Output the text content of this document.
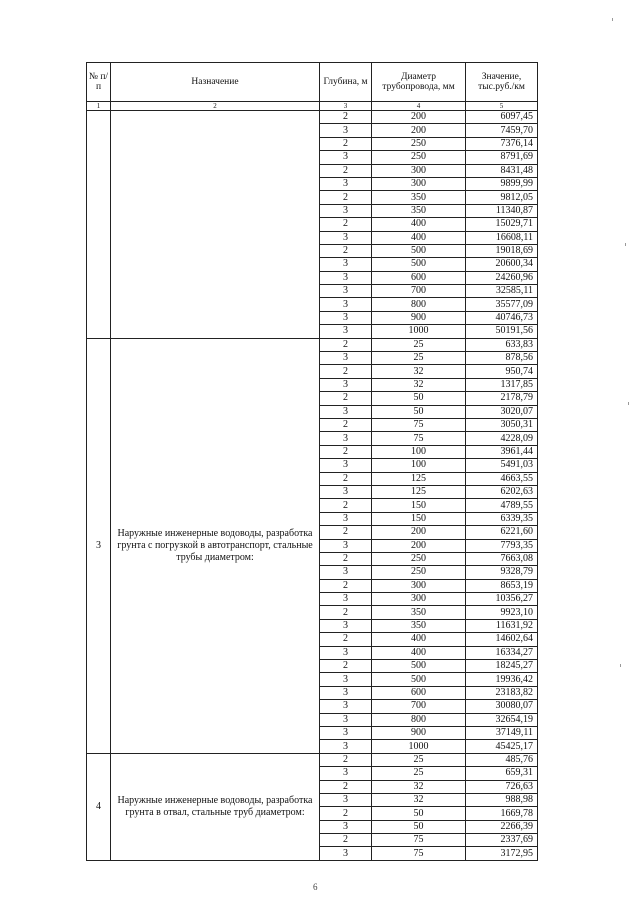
№ п/п	Назначение	Глубина, м	Диаметр трубопровода, мм	Значение, тыс.руб./км
1	2	3	4	5
		2	200	6097,45
		3	200	7459,70
		2	250	7376,14
		3	250	8791,69
		2	300	8431,48
		3	300	9899,99
		2	350	9812,05
		3	350	11340,87
		2	400	15029,71
		3	400	16608,11
		2	500	19018,69
		3	500	20600,34
		3	600	24260,96
		3	700	32585,11
		3	800	35577,09
		3	900	40746,73
		3	1000	50191,56
3	Наружные инженерные водоводы, разработка грунта с погрузкой в автотранспорт, стальные трубы диаметром:	2	25	633,83
		3	25	878,56
		2	32	950,74
		3	32	1317,85
		2	50	2178,79
		3	50	3020,07
		2	75	3050,31
		3	75	4228,09
		2	100	3961,44
		3	100	5491,03
		2	125	4663,55
		3	125	6202,63
		2	150	4789,55
		3	150	6339,35
		2	200	6221,60
		3	200	7793,35
		2	250	7663,08
		3	250	9328,79
		2	300	8653,19
		3	300	10356,27
		2	350	9923,10
		3	350	11631,92
		2	400	14602,64
		3	400	16334,27
		2	500	18245,27
		3	500	19936,42
		3	600	23183,82
		3	700	30080,07
		3	800	32654,19
		3	900	37149,11
		3	1000	45425,17
4	Наружные инженерные водоводы, разработка грунта в отвал, стальные труб диаметром:	2	25	485,76
		3	25	659,31
		2	32	726,63
		3	32	988,98
		2	50	1669,78
		3	50	2266,39
		2	75	2337,69
		3	75	3172,95
6
